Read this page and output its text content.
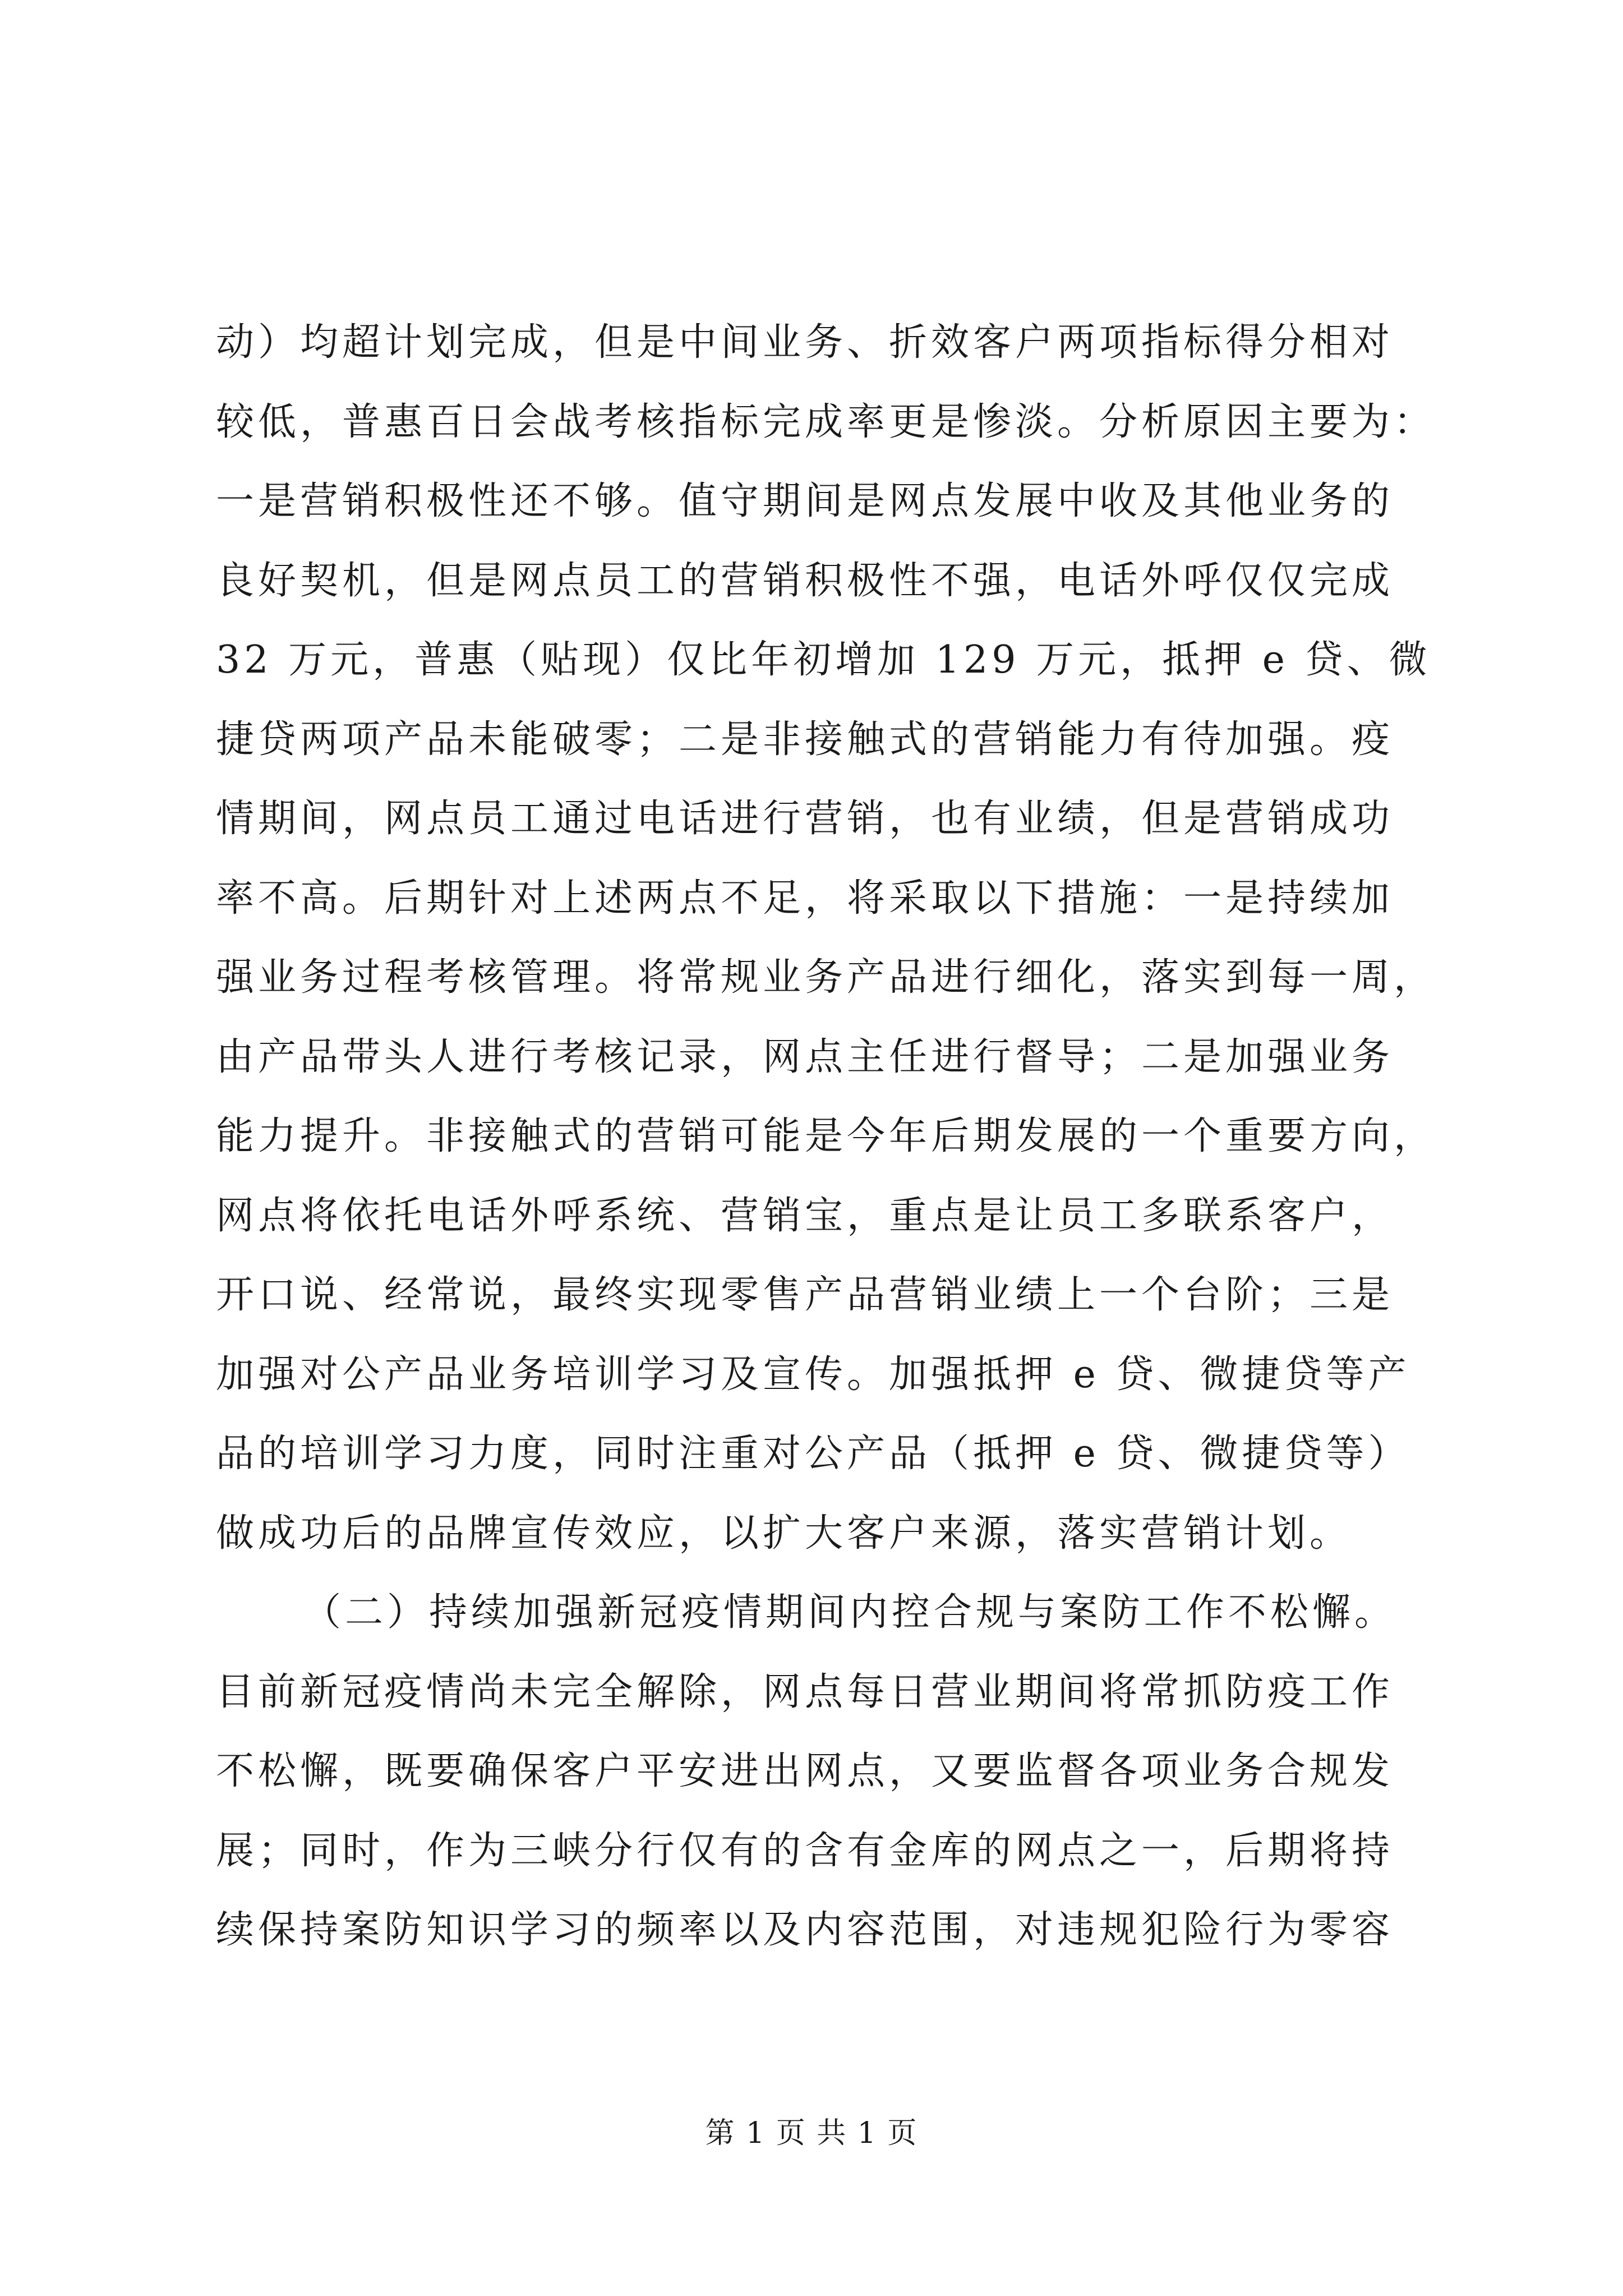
动）均超计划完成，但是中间业务、折效客户两项指标得分相对
较低，普惠百日会战考核指标完成率更是惨淡。分析原因主要为：
一是营销积极性还不够。值守期间是网点发展中收及其他业务的
良好契机，但是网点员工的营销积极性不强，电话外呼仅仅完成
32 万元，普惠（贴现）仅比年初增加 129 万元，抵押 e 贷、微
捷贷两项产品未能破零；二是非接触式的营销能力有待加强。疫
情期间，网点员工通过电话进行营销，也有业绩，但是营销成功
率不高。后期针对上述两点不足，将采取以下措施：一是持续加
强业务过程考核管理。将常规业务产品进行细化，落实到每一周，
由产品带头人进行考核记录，网点主任进行督导；二是加强业务
能力提升。非接触式的营销可能是今年后期发展的一个重要方向，
网点将依托电话外呼系统、营销宝，重点是让员工多联系客户，
开口说、经常说，最终实现零售产品营销业绩上一个台阶；三是
加强对公产品业务培训学习及宣传。加强抵押 e 贷、微捷贷等产
品的培训学习力度，同时注重对公产品（抵押 e 贷、微捷贷等）
做成功后的品牌宣传效应，以扩大客户来源，落实营销计划。
（二）持续加强新冠疫情期间内控合规与案防工作不松懈。
目前新冠疫情尚未完全解除，网点每日营业期间将常抓防疫工作
不松懈，既要确保客户平安进出网点，又要监督各项业务合规发
展；同时，作为三峡分行仅有的含有金库的网点之一，后期将持
续保持案防知识学习的频率以及内容范围，对违规犯险行为零容
第 1 页 共 1 页
